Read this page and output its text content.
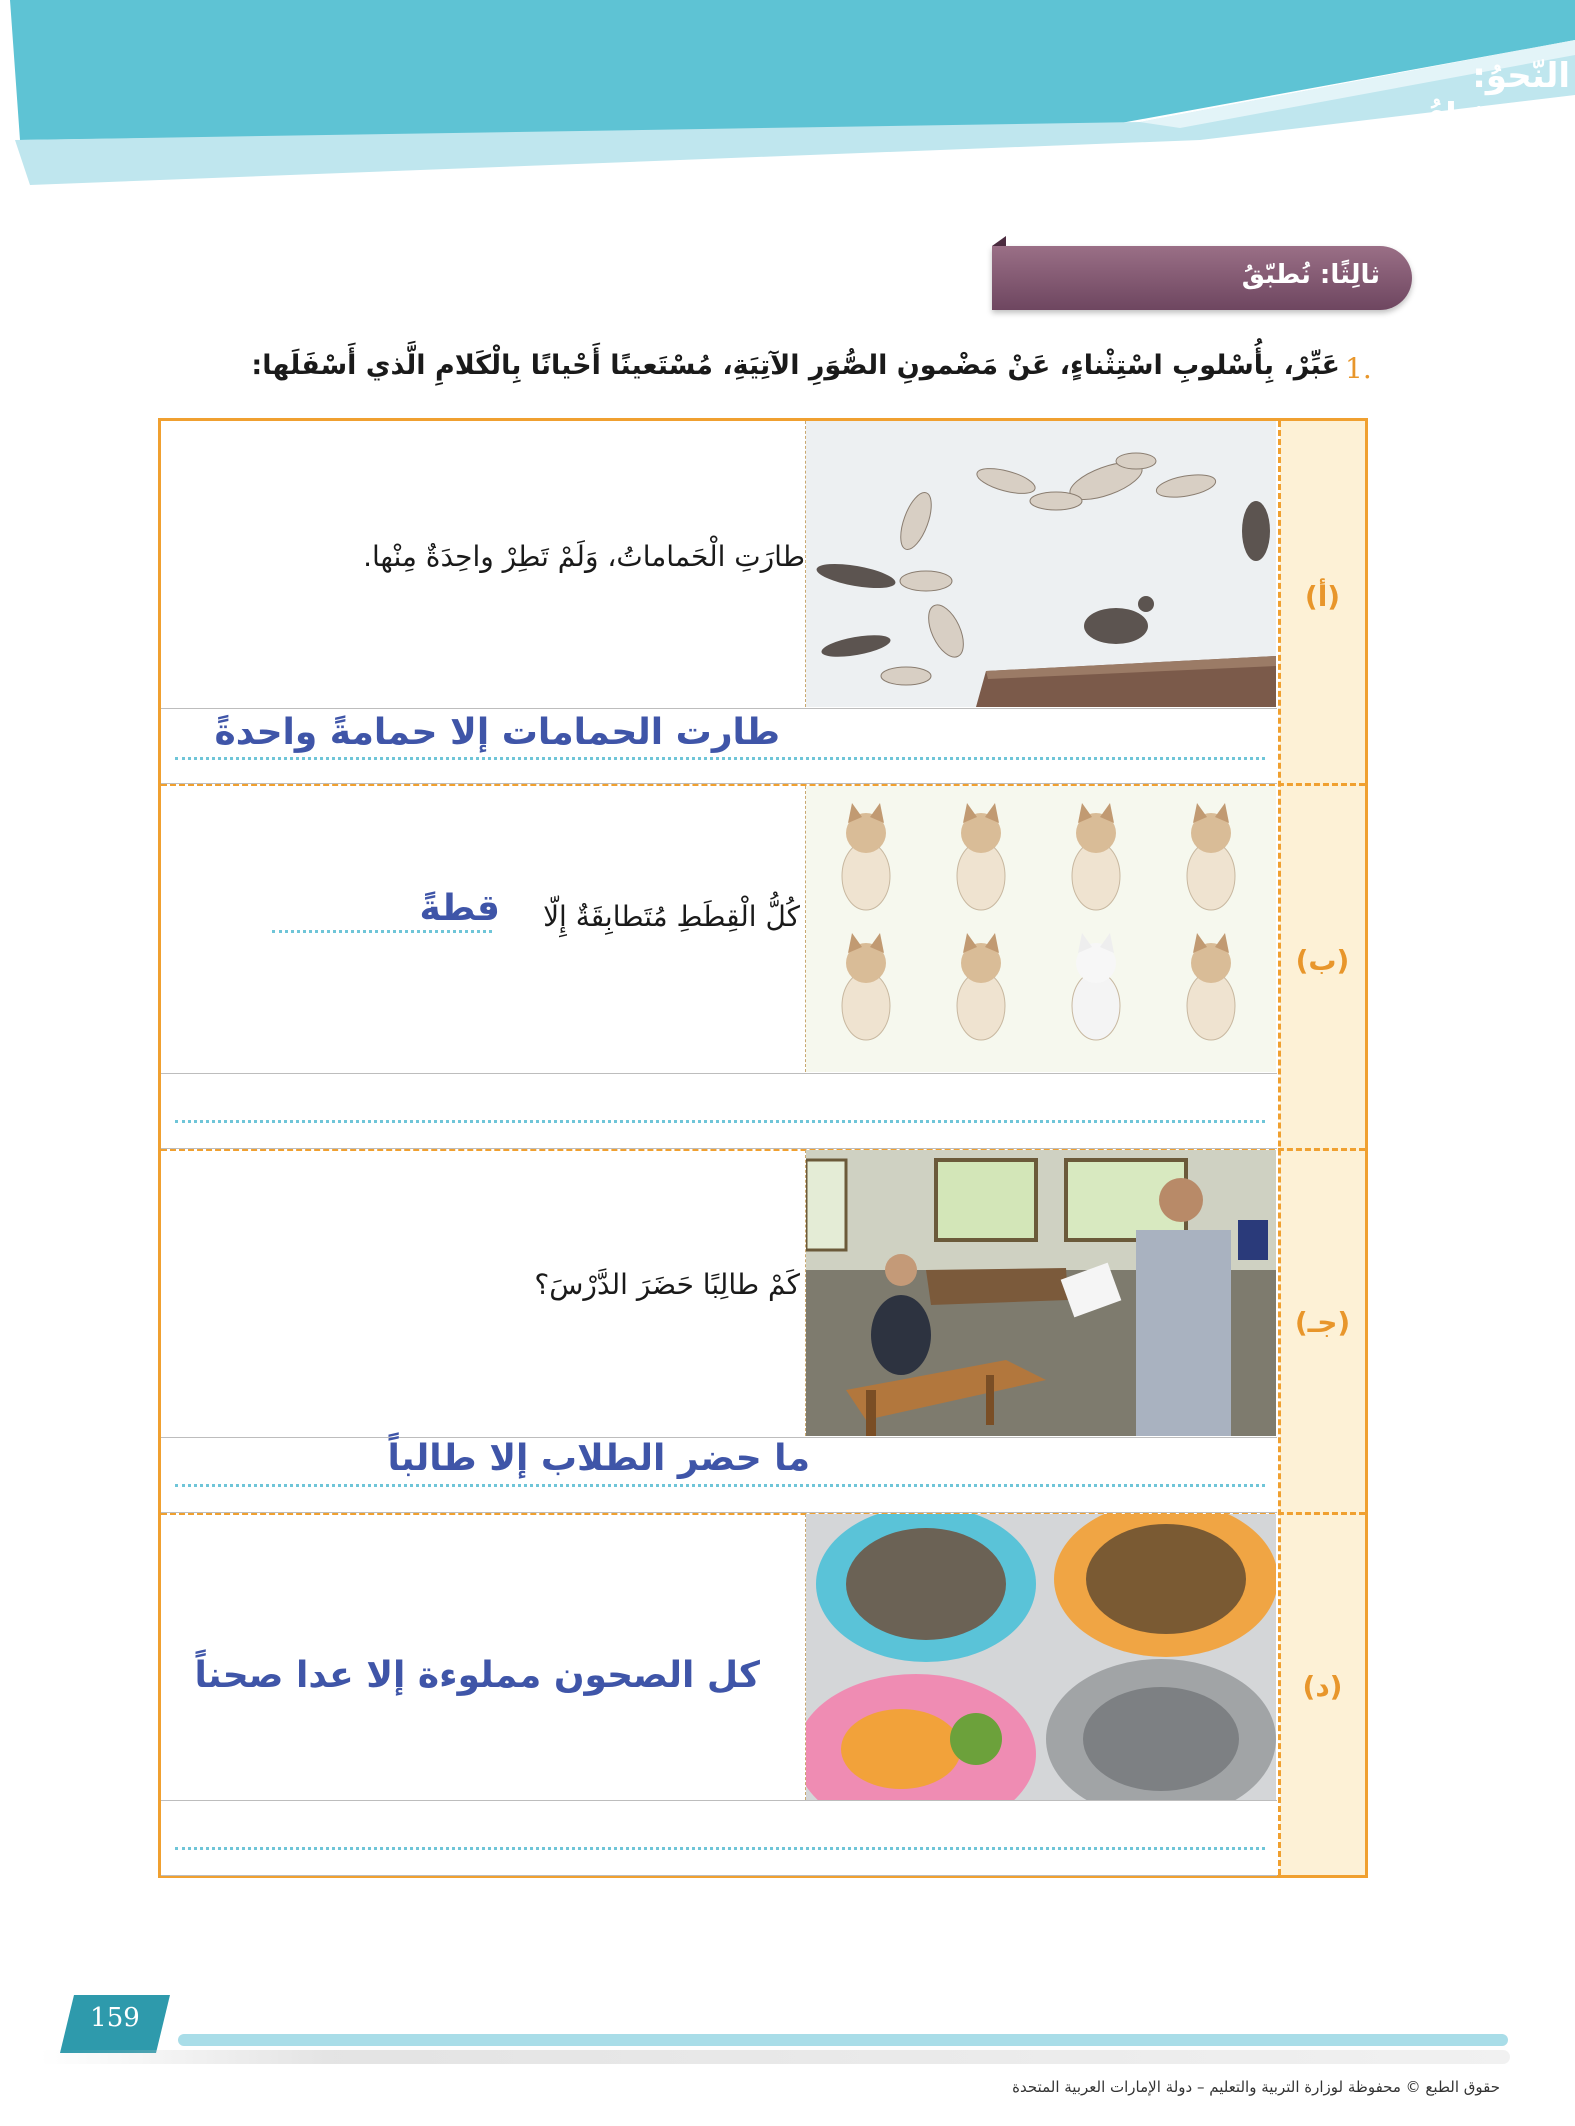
النّحوُ: الاستثناءُ
ثالِثًا: نُطبّقُ
1.
عَبِّرْ، بِأُسْلوبِ اسْتِثْناءٍ، عَنْ مَضْمونِ الصُّوَرِ الآتِيَةِ، مُسْتَعينًا أَحْيانًا بِالْكَلامِ الَّذي أَسْفَلَها:
(أ)
(ب)
(جـ)
(د)
طارَتِ الْحَماماتُ، وَلَمْ تَطِرْ واحِدَةٌ مِنْها.
طارت الحمامات إلا حمامةً واحدةً
كُلُّ الْقِطَطِ مُتَطابِقَةٌ إِلّا
قطةً
كَمْ طالِبًا حَضَرَ الدَّرْسَ؟
ما حضر الطلاب إلا طالباً
كل الصحون مملوءة إلا عدا صحناً
159
حقوق الطبع © محفوظة لوزارة التربية والتعليم – دولة الإمارات العربية المتحدة
